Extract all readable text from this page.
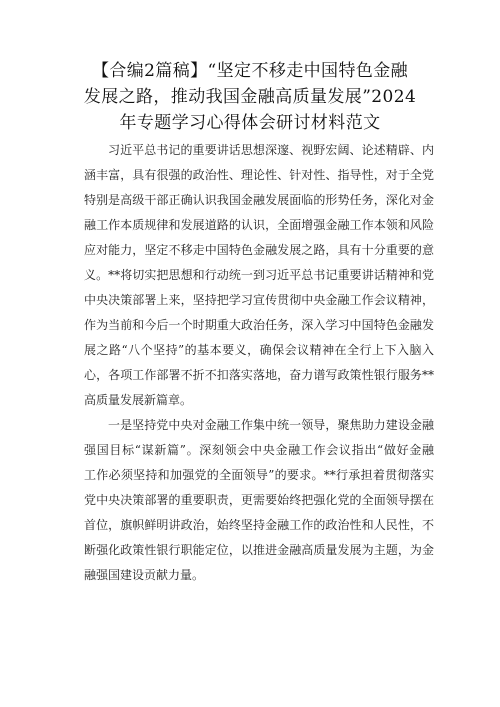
【合编2篇稿】“坚定不移走中国特色金融
发展之路，推动我国金融高质量发展”2024
年专题学习心得体会研讨材料范文
习近平总书记的重要讲话思想深邃、视野宏阔、论述精辟、内
涵丰富，具有很强的政治性、理论性、针对性、指导性，对于全党
特别是高级干部正确认识我国金融发展面临的形势任务，深化对金
融工作本质规律和发展道路的认识，全面增强金融工作本领和风险
应对能力，坚定不移走中国特色金融发展之路，具有十分重要的意
义。**将切实把思想和行动统一到习近平总书记重要讲话精神和党
中央决策部署上来，坚持把学习宣传贯彻中央金融工作会议精神，
作为当前和今后一个时期重大政治任务，深入学习中国特色金融发
展之路“八个坚持”的基本要义，确保会议精神在全行上下入脑入
心，各项工作部署不折不扣落实落地，奋力谱写政策性银行服务**
高质量发展新篇章。
一是坚持党中央对金融工作集中统一领导，聚焦助力建设金融
强国目标“谋新篇”。深刻领会中央金融工作会议指出“做好金融
工作必须坚持和加强党的全面领导”的要求。**行承担着贯彻落实
党中央决策部署的重要职责，更需要始终把强化党的全面领导摆在
首位，旗帜鲜明讲政治，始终坚持金融工作的政治性和人民性，不
断强化政策性银行职能定位，以推进金融高质量发展为主题，为金
融强国建设贡献力量。
